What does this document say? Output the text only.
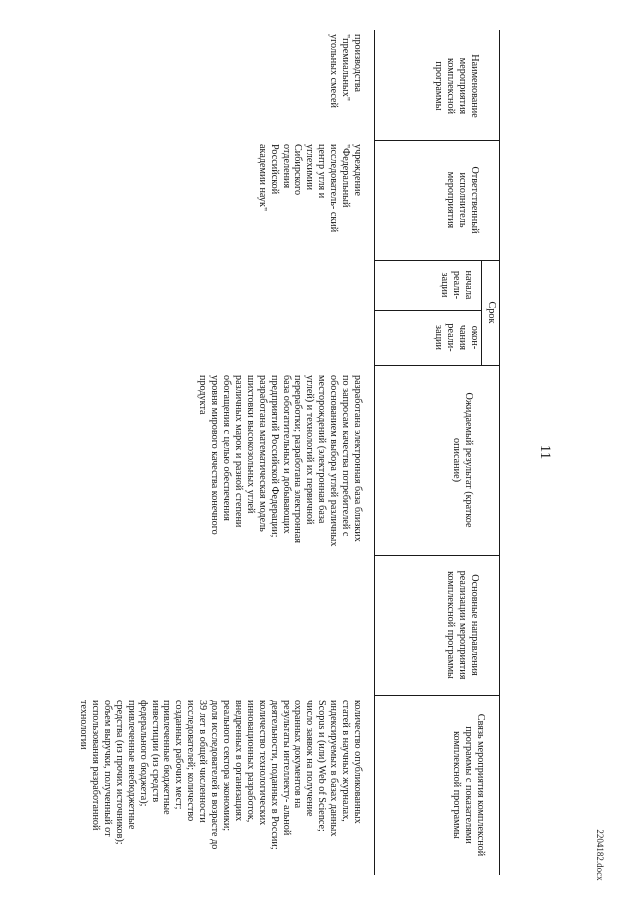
11
2204182.docx
Наименование мероприятия комплексной программы
Ответственный исполнитель мероприятия
Срок
начала реали- зации
окон- чания реали- зации
Ожидаемый результат (краткое описание)
Основные направления реализации мероприятия комплексной программы
Связь мероприятия комплексной программы с показателями комплексной программы
производства "премиальных" угольных смесей
учреждение "Федеральный исследователь- ский центр угля и углехимии Сибирского отделения Российской академии наук"
разработана электронная база близких по запросам качества потребителей с обоснованием выбора углей различных месторождений (электронная база углей) и технологий их первичной переработки; разработана электронная база обогатительных и добывающих предприятий Российской Федерации; разработана математическая модель шихтовки высокозольных углей различных марок и разной степени обогащения с целью обеспечения уровня мирового качества конечного продукта
количество опубликованных статей в научных журналах, индексируемых в базах данных Scopus и (или) Web of Science; число заявок на получение охранных документов на результаты интеллекту- альной деятельности, поданных в России; количество технологических инновационных разработок, внедренных в организациях реального сектора экономики; доля исследователей в возрасте до 39 лет в общей численности исследователей; количество созданных рабочих мест; привлеченные бюджетные инвестиции (из средств федерального бюджета); привлеченные внебюджетные средства (из прочих источников); объем выручки, полученный от использования разработанной технологии
